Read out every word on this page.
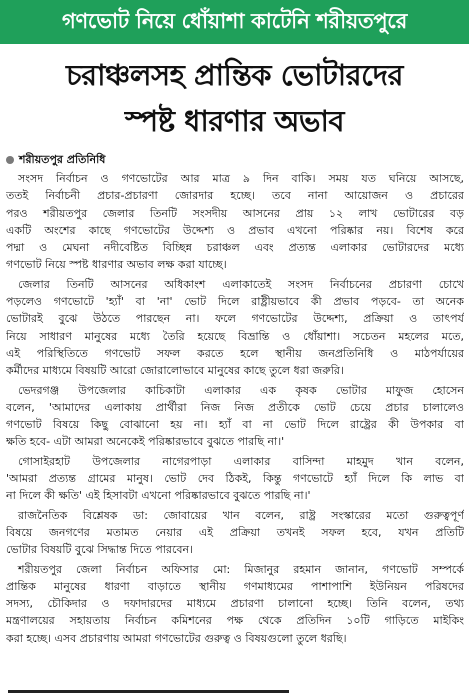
গণভোট নিয়ে ধোঁয়াশা কাটেনি শরীয়তপুরে
চরাঞ্চলসহ প্রান্তিক ভোটারদের
স্পষ্ট ধারণার অভাব
শরীয়তপুর প্রতিনিধি
সংসদ নির্বাচন ও গণভোটের আর মাত্র ৯ দিন বাকি। সময় যত ঘনিয়ে আসছে,
ততই নির্বাচনী প্রচার-প্রচারণা জোরদার হচ্ছে। তবে নানা আয়োজন ও প্রচারের
পরও শরীয়তপুর জেলার তিনটি সংসদীয় আসনের প্রায় ১২ লাখ ভোটারের বড়
একটি অংশের কাছে গণভোটের উদ্দেশ্য ও প্রভাব এখনো পরিষ্কার নয়। বিশেষ করে
পদ্মা ও মেঘনা নদীবেষ্টিত বিচ্ছিন্ন চরাঞ্চল এবং প্রত্যন্ত এলাকার ভোটারদের মধ্যে
গণভোট নিয়ে স্পষ্ট ধারণার অভাব লক্ষ করা যাচ্ছে।
জেলার তিনটি আসনের অধিকাংশ এলাকাতেই সংসদ নির্বাচনের প্রচারণা চোখে
পড়লেও গণভোটে 'হ্যাঁ' বা 'না' ভোট দিলে রাষ্ট্রীয়ভাবে কী প্রভাব পড়বে- তা অনেক
ভোটারই বুঝে উঠতে পারছেন না। ফলে গণভোটের উদ্দেশ্য, প্রক্রিয়া ও তাৎপর্য
নিয়ে সাধারণ মানুষের মধ্যে তৈরি হয়েছে বিভ্রান্তি ও ধোঁয়াশা। সচেতন মহলের মতে,
এই পরিস্থিতিতে গণভোট সফল করতে হলে স্থানীয় জনপ্রতিনিধি ও মাঠপর্যায়ের
কর্মীদের মাধ্যমে বিষয়টি আরো জোরালোভাবে মানুষের কাছে তুলে ধরা জরুরি।
ভেদরগঞ্জ উপজেলার কাচিকাটা এলাকার এক কৃষক ভোটার মাফুজ হোসেন
বলেন, 'আমাদের এলাকায় প্রার্থীরা নিজ নিজ প্রতীকে ভোট চেয়ে প্রচার চালালেও
গণভোট বিষয়ে কিছু বোঝানো হয় না। হ্যাঁ বা না ভোট দিলে রাষ্ট্রের কী উপকার বা
ক্ষতি হবে- এটা আমরা অনেকেই পরিষ্কারভাবে বুঝতে পারছি না।'
গোসাইরহাট উপজেলার নাগেরপাড়া এলাকার বাসিন্দা মাহমুদ খান বলেন,
'আমরা প্রত্যন্ত গ্রামের মানুষ। ভোট দেব ঠিকই, কিন্তু গণভোটে হ্যাঁ দিলে কি লাভ বা
না দিলে কী ক্ষতি' এই হিসাবটা এখনো পরিষ্কারভাবে বুঝতে পারছি না।'
রাজনৈতিক বিশ্লেষক ডা: জোবায়ের খান বলেন, রাষ্ট্র সংস্কারের মতো গুরুত্বপূর্ণ
বিষয়ে জনগণের মতামত নেয়ার এই প্রক্রিয়া তখনই সফল হবে, যখন প্রতিটি
ভোটার বিষয়টি বুঝে সিদ্ধান্ত দিতে পারবেন।
শরীয়তপুর জেলা নির্বাচন অফিসার মো: মিজানুর রহমান জানান, গণভোট সম্পর্কে
প্রান্তিক মানুষের ধারণা বাড়াতে স্থানীয় গণমাধ্যমের পাশাপাশি ইউনিয়ন পরিষদের
সদস্য, চৌকিদার ও দফাদারদের মাধ্যমে প্রচারণা চালানো হচ্ছে। তিনি বলেন, তথ্য
মন্ত্রণালয়ের সহায়তায় নির্বাচন কমিশনের পক্ষ থেকে প্রতিদিন ১০টি গাড়িতে মাইকিং
করা হচ্ছে। এসব প্রচারণায় আমরা গণভোটের গুরুত্ব ও বিষয়গুলো তুলে ধরছি।
